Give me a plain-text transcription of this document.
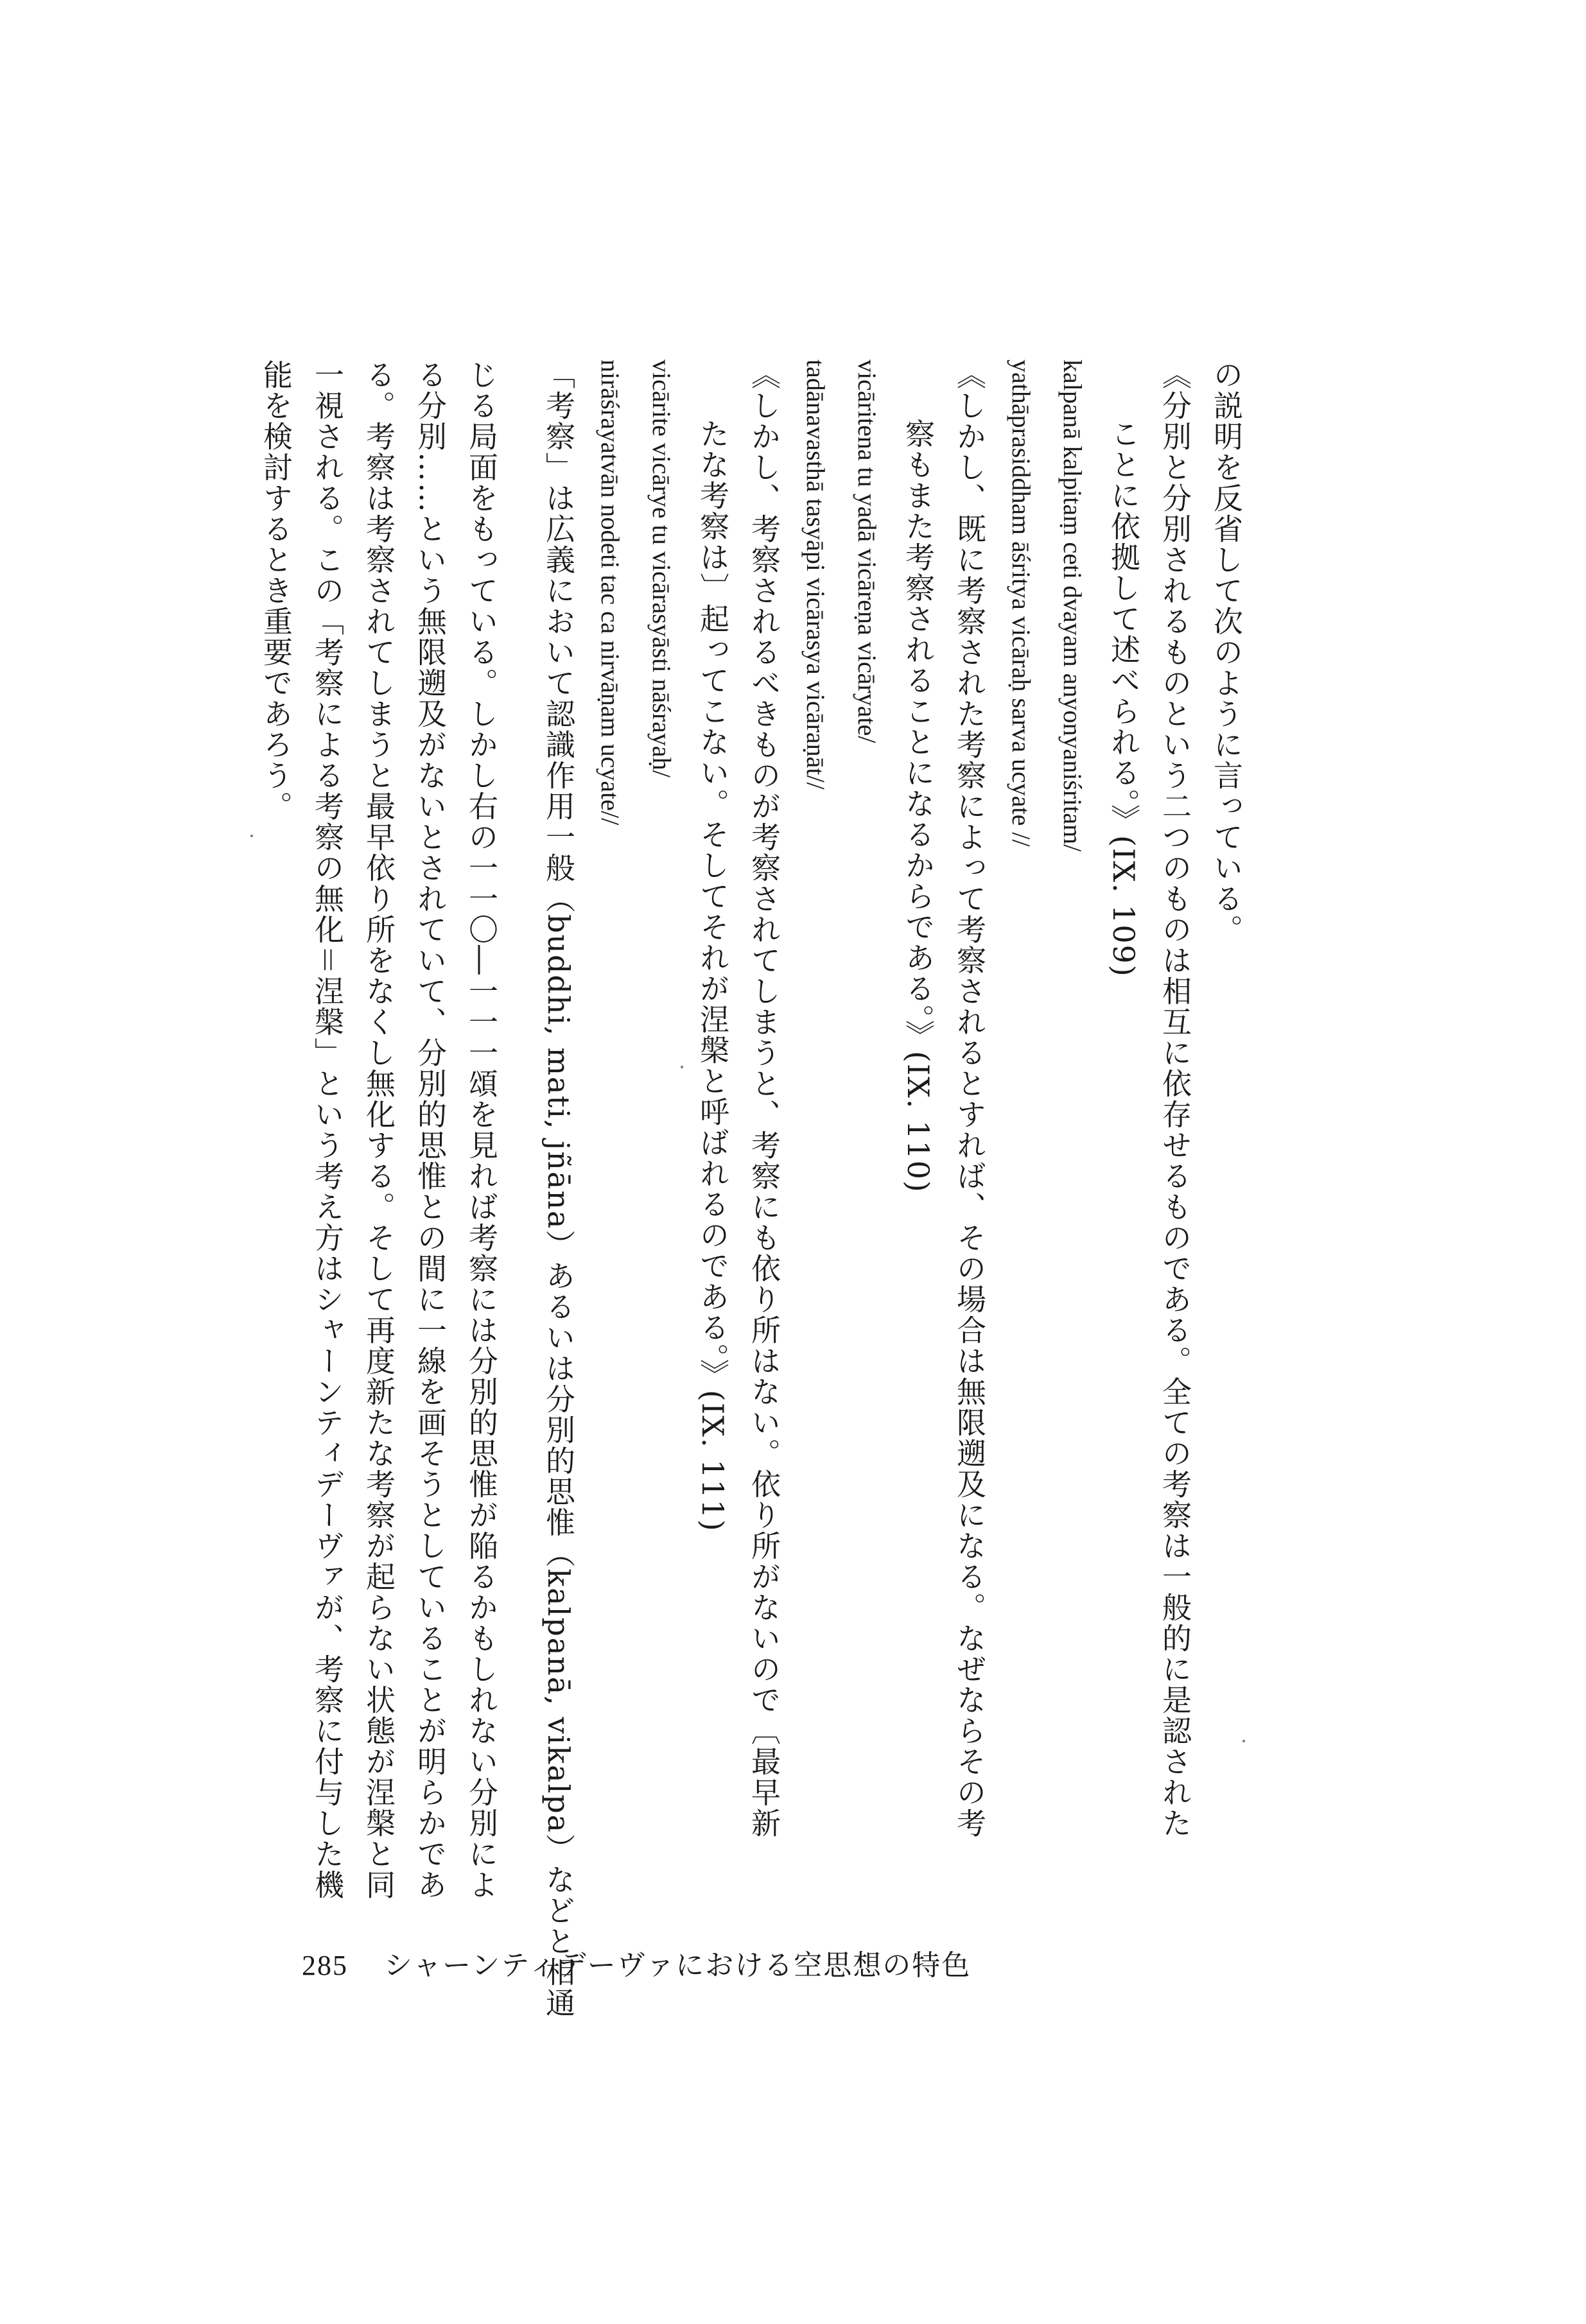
の説明を反省して次のように言っている。

《分別と分別されるものという二つのものは相互に依存せるものである。全ての考察は一般的に是認された

ことに依拠して述べられる。》(IX. 109)

kalpanā kalpitaṃ ceti dvayam anyonyaniśritam/

yathāprasiddham āśritya vicāraḥ sarva ucyate //

《しかし、既に考察された考察によって考察されるとすれば、その場合は無限遡及になる。なぜならその考

察もまた考察されることになるからである。》(IX. 110)

vicāritena tu yadā vicāreṇa vicāryate/

tadānavasthā tasyāpi vicārasya vicāraṇāt//

《しかし、考察されるべきものが考察されてしまうと、考察にも依り所はない。依り所がないので〔最早新

たな考察は〕起ってこない。そしてそれが涅槃と呼ばれるのである。》(IX. 111)

vicārite vicārye tu vicārasyāsti nāśrayaḥ/

nirāśrayatvān nodeti tac ca nirvāṇam ucyate//

「考察」は広義において認識作用一般（buddhi, mati, jñāna）あるいは分別的思惟（kalpanā, vikalpa）などと相通

じる局面をもっている。しかし右の一一〇―一一一頌を見れば考察には分別的思惟が陥るかもしれない分別によ

る分別……という無限遡及がないとされていて、分別的思惟との間に一線を画そうとしていることが明らかであ

る。考察は考察されてしまうと最早依り所をなくし無化する。そして再度新たな考察が起らない状態が涅槃と同

一視される。この「考察による考察の無化＝涅槃」という考え方はシャーンティデーヴァが、考察に付与した機

能を検討するとき重要であろう。

285 シャーンティデーヴァにおける空思想の特色
